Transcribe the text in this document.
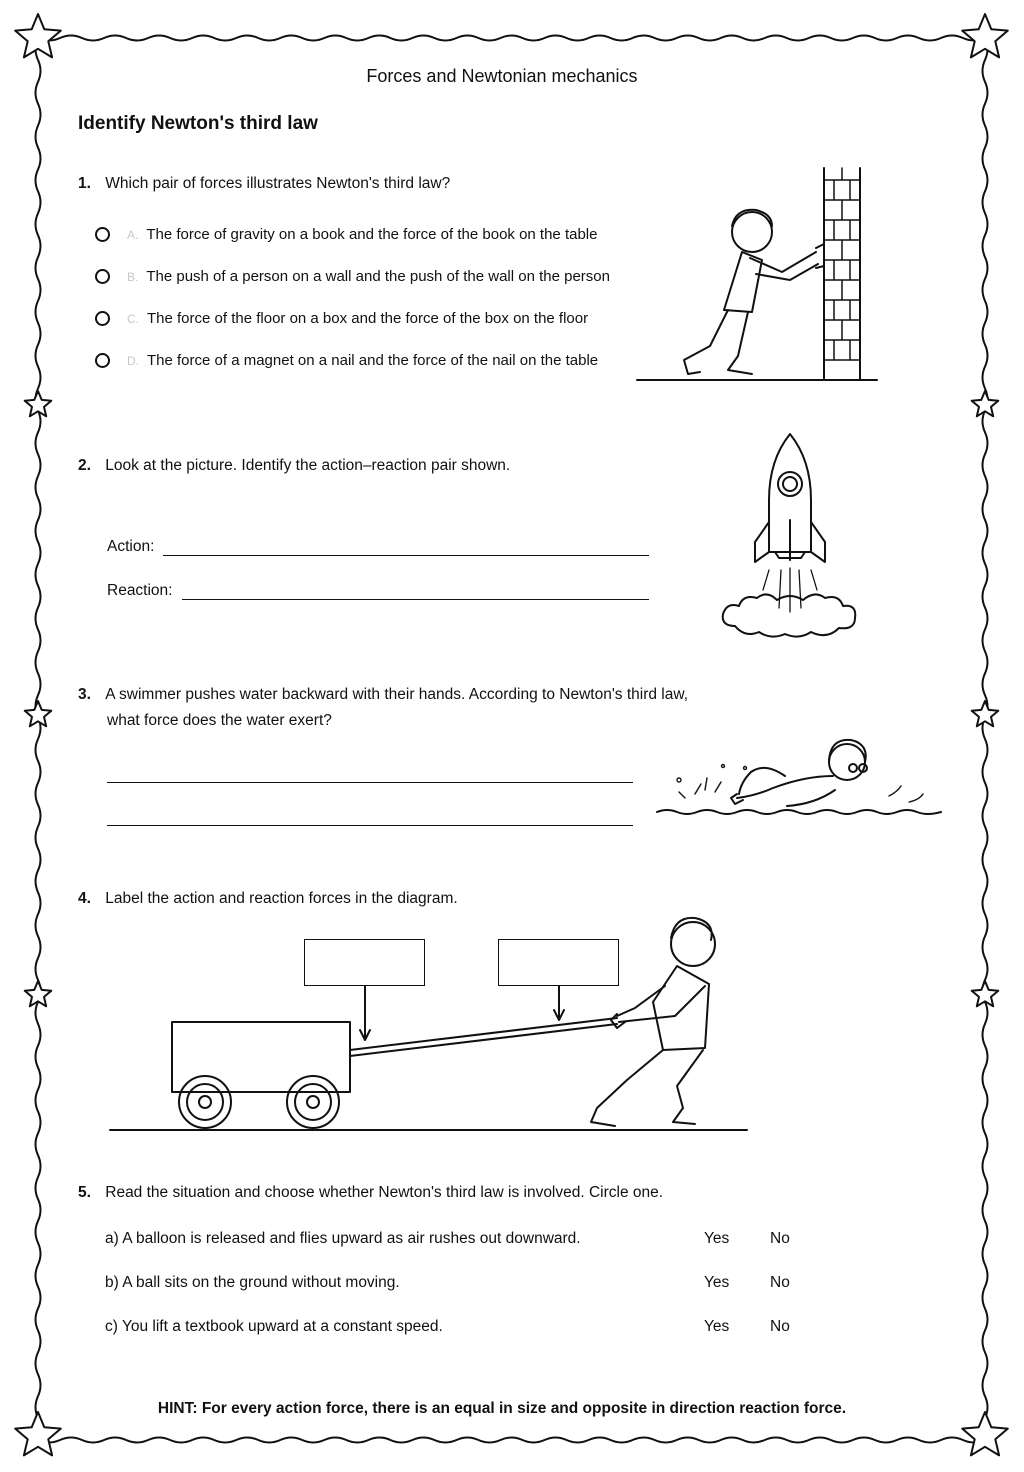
Forces and Newtonian mechanics
Identify Newton's third law
1. Which pair of forces illustrates Newton's third law?
A. The force of gravity on a book and the force of the book on the table
B. The push of a person on a wall and the push of the wall on the person
C. The force of the floor on a box and the force of the box on the floor
D. The force of a magnet on a nail and the force of the nail on the table
2. Look at the picture. Identify the action–reaction pair shown.
Action:
Reaction:
3. A swimmer pushes water backward with their hands. According to Newton's third law,
what force does the water exert?
4. Label the action and reaction forces in the diagram.
5. Read the situation and choose whether Newton's third law is involved. Circle one.
a) A balloon is released and flies upward as air rushes out downward.	Yes	No
b) A ball sits on the ground without moving.	Yes	No
c) You lift a textbook upward at a constant speed.	Yes	No
HINT: For every action force, there is an equal in size and opposite in direction reaction force.
